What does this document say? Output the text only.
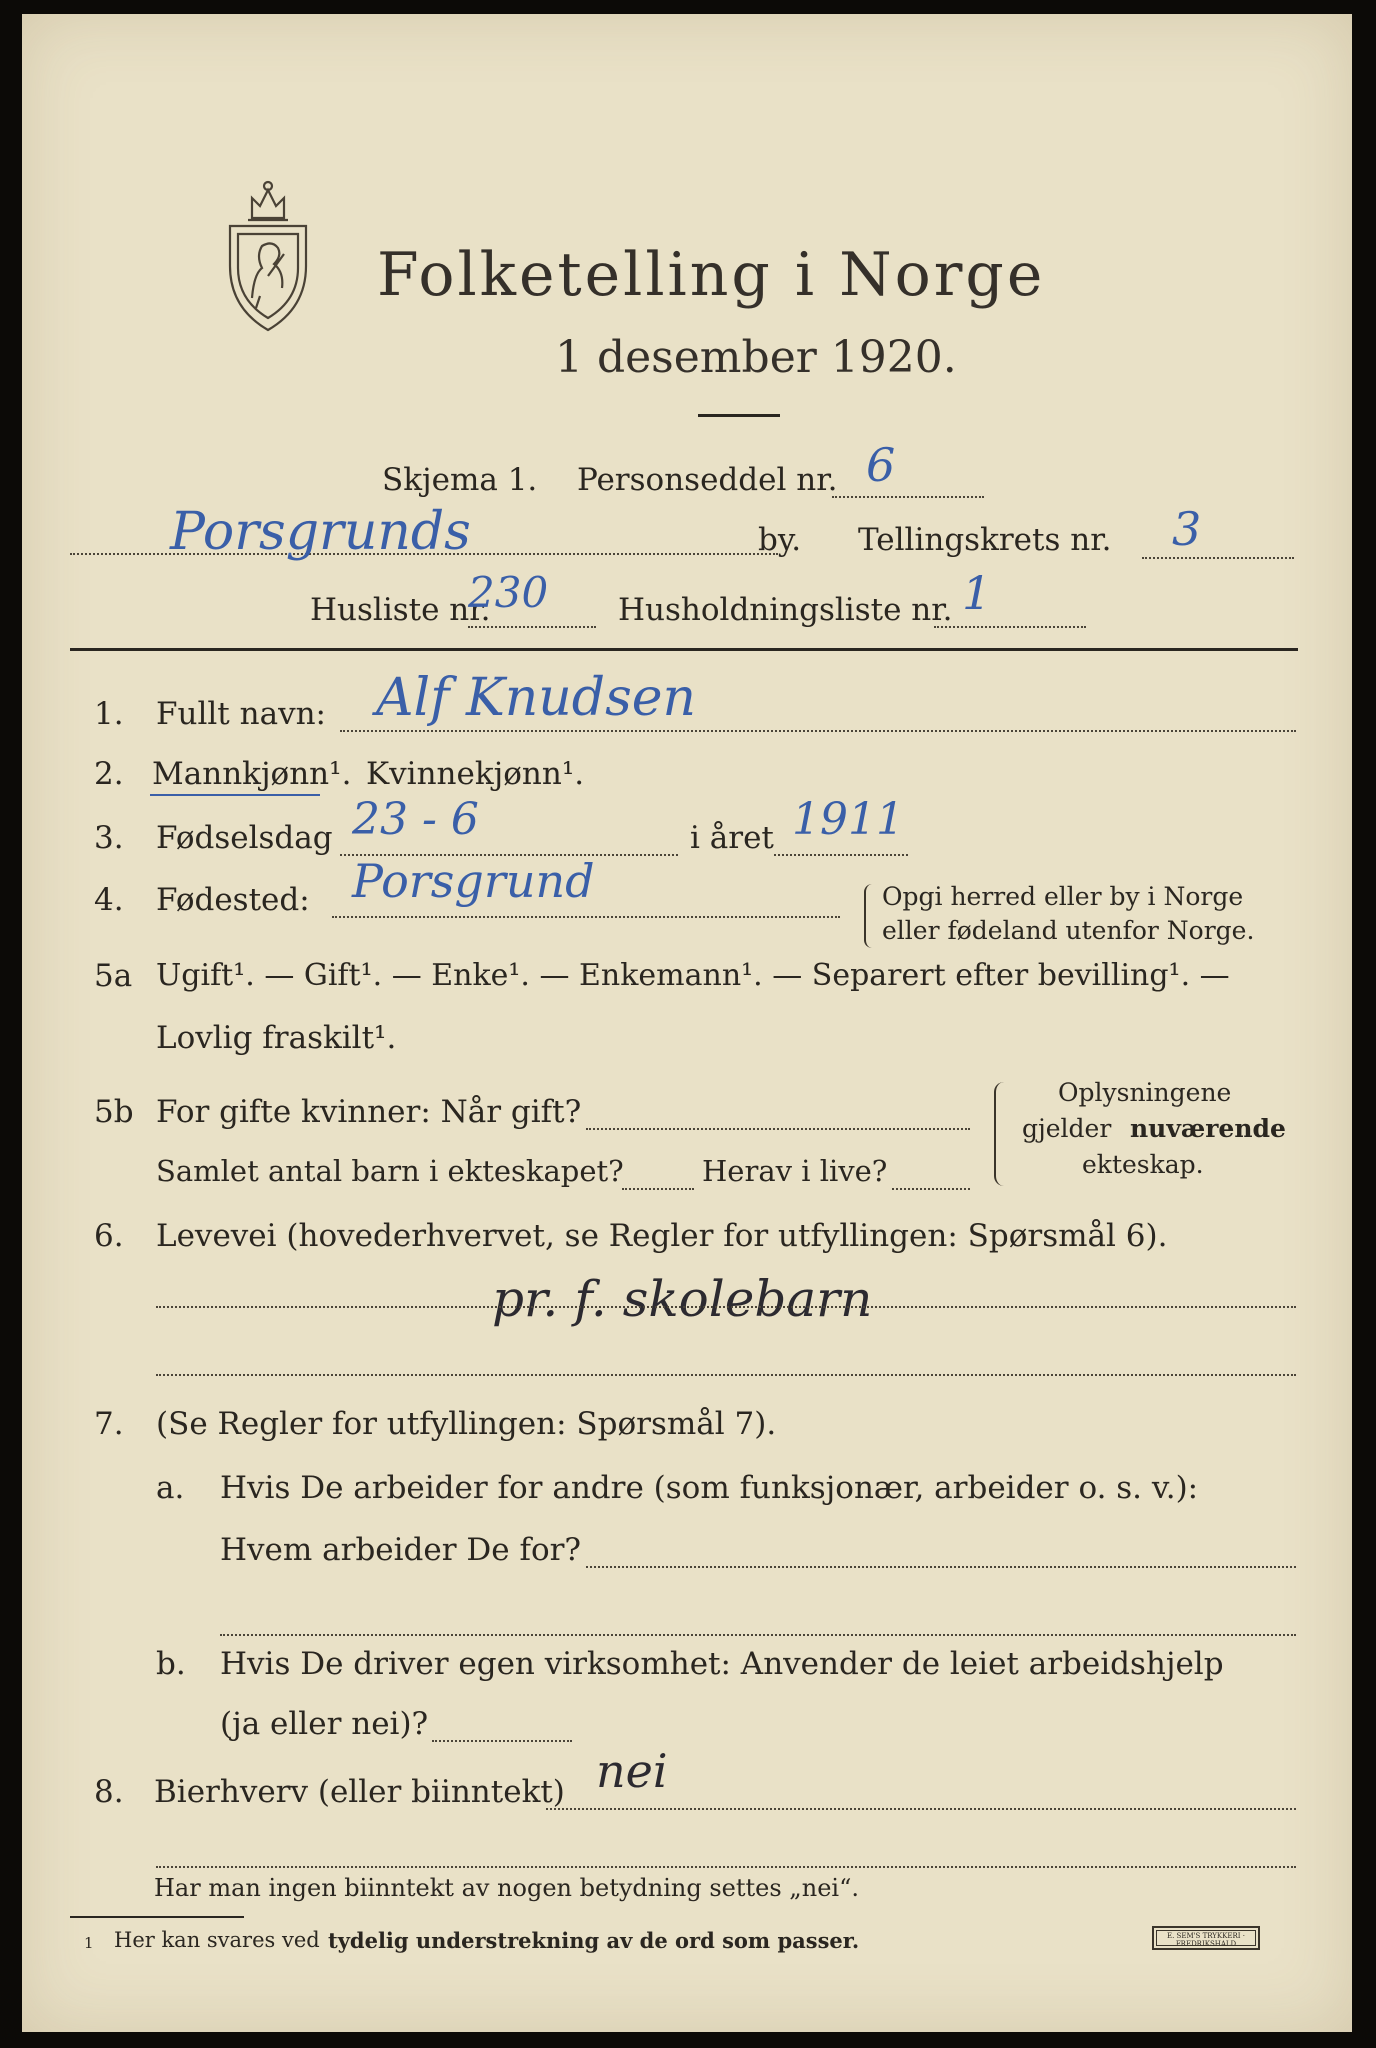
Folketelling i Norge
1 desember 1920.
Skjema 1. Personseddel nr. 6
Porsgrunds	by. Tellingskrets nr. 3
Husliste nr.
230 Husholdningsliste nr. 1
1. Fullt navn: Alf Knudsen
2. Mannkjønn¹. Kvinnekjønn¹.
3. Fødselsdag 23 - 6	i året 1911
4. Fødested: Porsgrund	Opgi herred eller by i Norge
eller fødeland utenfor Norge.
5a Ugift¹. — Gift¹. — Enke¹. — Enkemann¹. — Separert efter bevilling¹. —
Lovlig fraskilt¹.
5b For gifte kvinner: Når gift?
Samlet antal barn i ekteskapet?	Herav i live?
Oplysningene
gjelder nuværende
ekteskap.
6. Levevei (hovederhvervet, se Regler for utfyllingen: Spørsmål 6).
pr. f. skolebarn
7. (Se Regler for utfyllingen: Spørsmål 7).
a. Hvis De arbeider for andre (som funksjonær, arbeider o. s. v.):
Hvem arbeider De for?
b. Hvis De driver egen virksomhet: Anvender de leiet arbeidshjelp
(ja eller nei)?
8. Bierhverv (eller biinntekt) nei
Har man ingen biinntekt av nogen betydning settes „nei“.
1 Her kan svares ved tydelig understrekning av de ord som passer.	E. SEM'S TRYKKERI · FREDRIKSHALD
